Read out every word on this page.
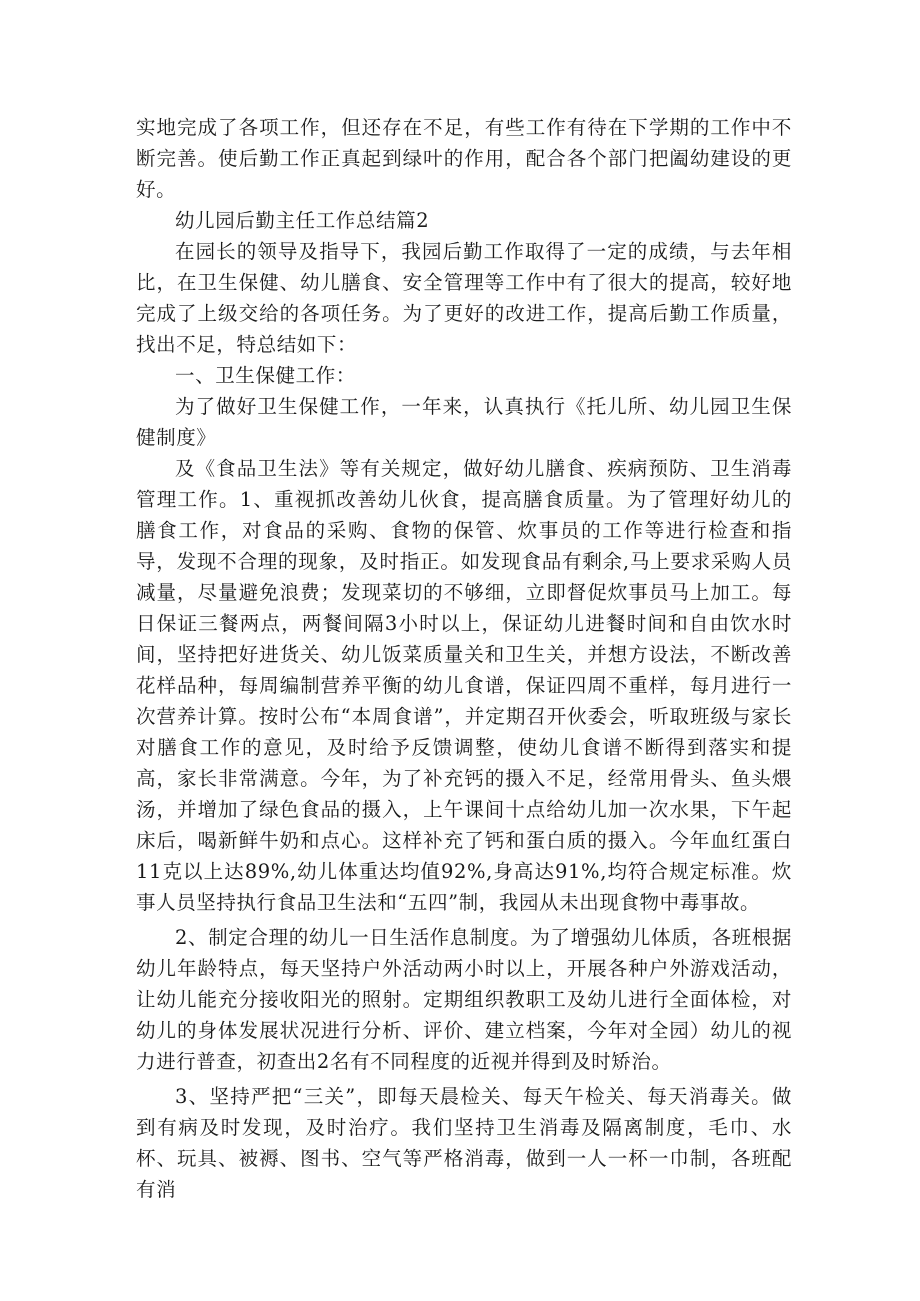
实地完成了各项工作，但还存在不足，有些工作有待在下学期的工作中不断完善。使后勤工作正真起到绿叶的作用，配合各个部门把阖幼建设的更好。

幼儿园后勤主任工作总结篇2

在园长的领导及指导下，我园后勤工作取得了一定的成绩，与去年相比，在卫生保健、幼儿膳食、安全管理等工作中有了很大的提高，较好地完成了上级交给的各项任务。为了更好的改进工作，提高后勤工作质量，找出不足，特总结如下：

一、卫生保健工作：

为了做好卫生保健工作，一年来，认真执行《托儿所、幼儿园卫生保健制度》

及《食品卫生法》等有关规定，做好幼儿膳食、疾病预防、卫生消毒管理工作。1、重视抓改善幼儿伙食，提高膳食质量。为了管理好幼儿的膳食工作，对食品的采购、食物的保管、炊事员的工作等进行检查和指导，发现不合理的现象，及时指正。如发现食品有剩余,马上要求采购人员减量，尽量避免浪费；发现菜切的不够细，立即督促炊事员马上加工。每日保证三餐两点，两餐间隔3小时以上，保证幼儿进餐时间和自由饮水时间，坚持把好进货关、幼儿饭菜质量关和卫生关，并想方设法，不断改善花样品种，每周编制营养平衡的幼儿食谱，保证四周不重样，每月进行一次营养计算。按时公布“本周食谱”，并定期召开伙委会，听取班级与家长对膳食工作的意见，及时给予反馈调整，使幼儿食谱不断得到落实和提高，家长非常满意。今年，为了补充钙的摄入不足，经常用骨头、鱼头煨汤，并增加了绿色食品的摄入，上午课间十点给幼儿加一次水果，下午起床后，喝新鲜牛奶和点心。这样补充了钙和蛋白质的摄入。今年血红蛋白11克以上达89%,幼儿体重达均值92%,身高达91%,均符合规定标准。炊事人员坚持执行食品卫生法和“五四”制，我园从未出现食物中毒事故。

2、制定合理的幼儿一日生活作息制度。为了增强幼儿体质，各班根据幼儿年龄特点，每天坚持户外活动两小时以上，开展各种户外游戏活动，让幼儿能充分接收阳光的照射。定期组织教职工及幼儿进行全面体检，对幼儿的身体发展状况进行分析、评价、建立档案，今年对全园）幼儿的视力进行普查，初查出2名有不同程度的近视并得到及时矫治。

3、坚持严把“三关”，即每天晨检关、每天午检关、每天消毒关。做到有病及时发现，及时治疗。我们坚持卫生消毒及隔离制度，毛巾、水杯、玩具、被褥、图书、空气等严格消毒，做到一人一杯一巾制，各班配有消
